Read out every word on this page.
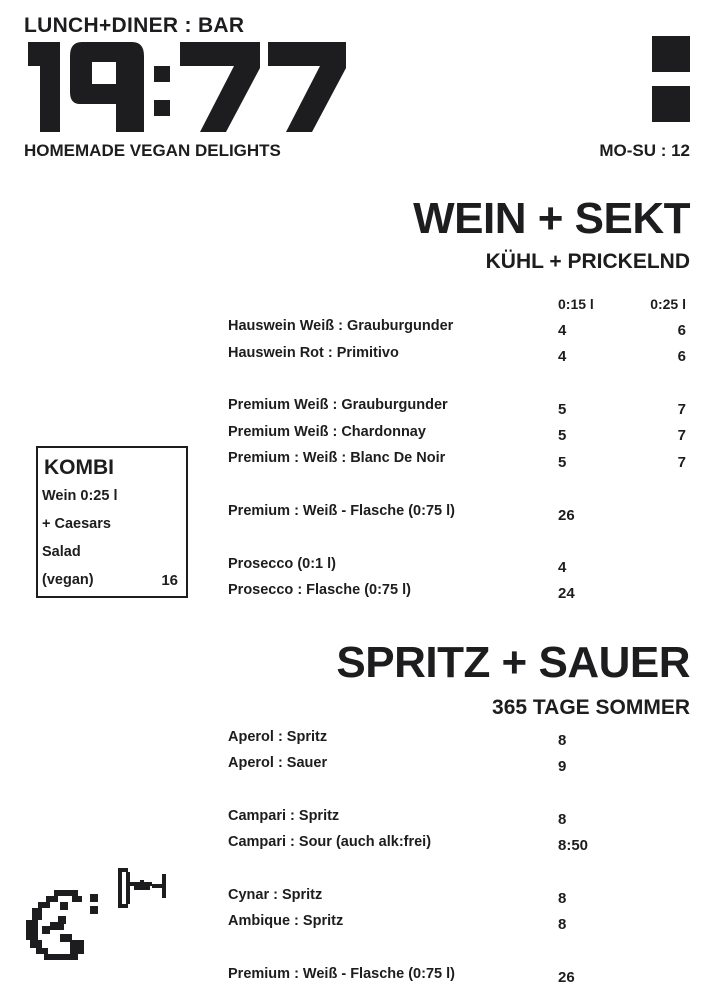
LUNCH+DINER : BAR
HOMEMADE VEGAN DELIGHTS	MO-SU : 12
WEIN + SEKT
KÜHL + PRICKELND
0:15 l	0:25 l
Hauswein Weiß : Grauburgunder	4	6
Hauswein Rot : Primitivo	4	6
Premium Weiß : Grauburgunder	5	7
Premium Weiß : Chardonnay	5	7
Premium : Weiß : Blanc De Noir	5	7
Premium : Weiß - Flasche (0:75 l)	26
Prosecco (0:1 l)	4
Prosecco : Flasche (0:75 l)	24
KOMBI
Wein 0:25 l
+ Caesars
Salad
(vegan)	16
SPRITZ + SAUER
365 TAGE SOMMER
Aperol : Spritz	8
Aperol : Sauer	9
Campari : Spritz	8
Campari : Sour (auch alk:frei)	8:50
Cynar : Spritz	8
Ambique : Spritz	8
Premium : Weiß - Flasche (0:75 l)	26
